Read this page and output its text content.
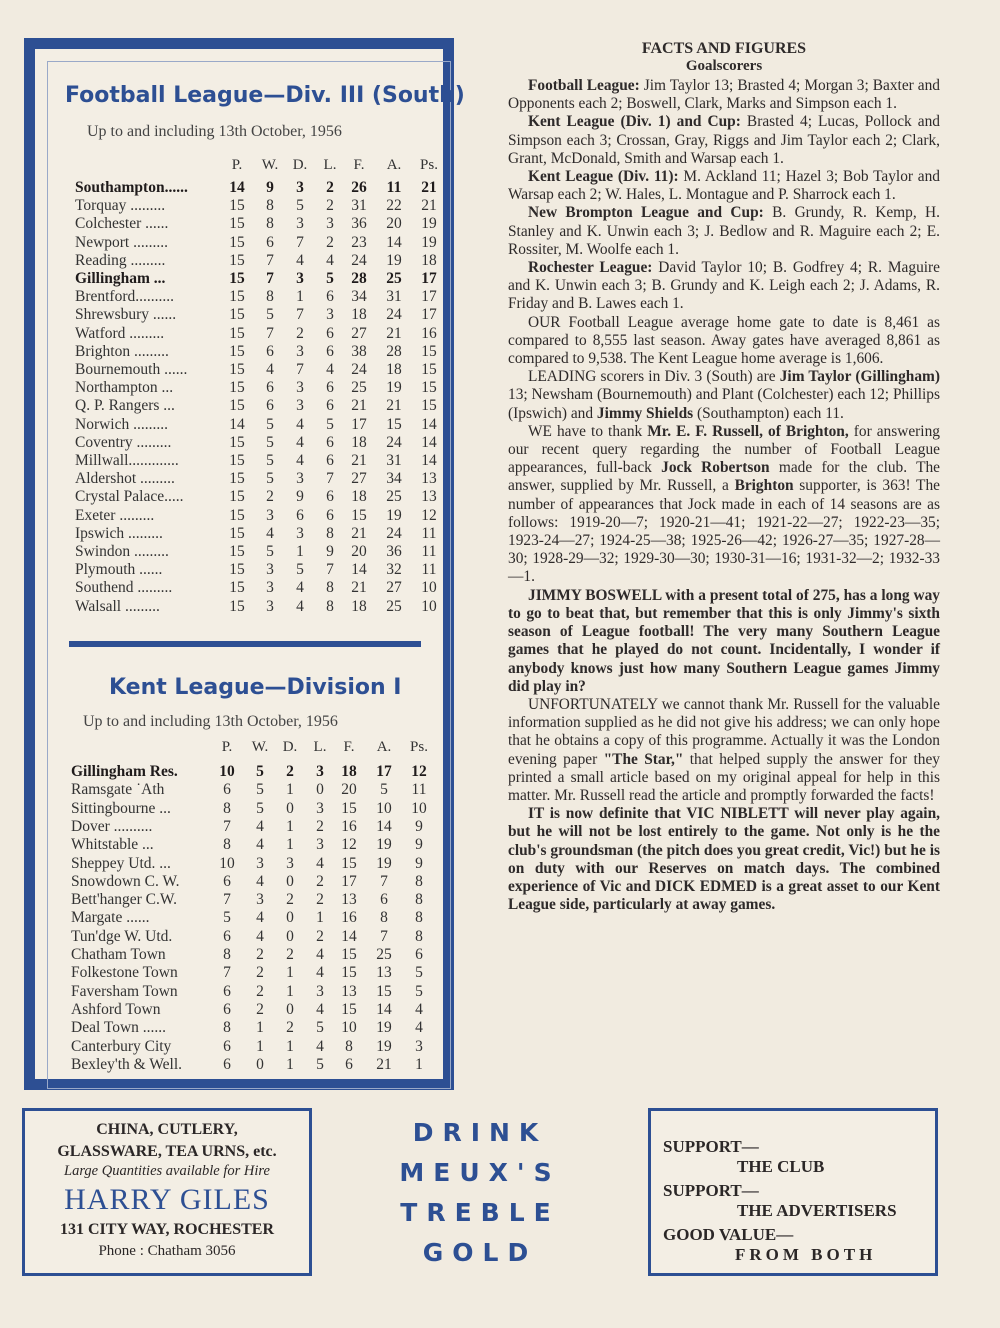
Football League—Div. III (South)
Up to and including 13th October, 1956
P.	W. D.	L.	F.	A.	Ps.
Southampton......	14	9	3	2	26	11	21
Torquay .........	15	8	5	2	31	22	21
Colchester ......	15	8	3	3	36	20	19
Newport .........	15	6	7	2	23	14	19
Reading .........	15	7	4	4	24	19	18
Gillingham ...	15	7	3	5	28	25	17
Brentford..........	15	8	1	6	34	31	17
Shrewsbury ......	15	5	7	3	18	24	17
Watford .........	15	7	2	6	27	21	16
Brighton .........	15	6	3	6	38	28	15
Bournemouth ......	15	4	7	4	24	18	15
Northampton ...	15	6	3	6	25	19	15
Q. P. Rangers ...	15	6	3	6	21	21	15
Norwich .........	14	5	4	5	17	15	14
Coventry .........	15	5	4	6	18	24	14
Millwall.............	15	5	4	6	21	31	14
Aldershot .........	15	5	3	7	27	34	13
Crystal Palace.....	15	2	9	6	18	25	13
Exeter .........	15	3	6	6	15	19	12
Ipswich .........	15	4	3	8	21	24	11
Swindon .........	15	5	1	9	20	36	11
Plymouth ......	15	3	5	7	14	32	11
Southend .........	15	3	4	8	21	27	10
Walsall .........	15	3	4	8	18	25	10
Kent League—Division I
Up to and including 13th October, 1956
P.	W. D.	L.	F.	A.	Ps.
Gillingham Res.	10	5	2	3	18	17	12
Ramsgate ˙Ath	6	5	1	0	20	5	11
Sittingbourne ...	8	5	0	3	15	10	10
Dover ..........	7	4	1	2	16	14	9
Whitstable ...	8	4	1	3	12	19	9
Sheppey Utd. ...	10	3	3	4	15	19	9
Snowdown C. W.	6	4	0	2	17	7	8
Bett'hanger C.W.	7	3	2	2	13	6	8
Margate ......	5	4	0	1	16	8	8
Tun'dge W. Utd.	6	4	0	2	14	7	8
Chatham Town	8	2	2	4	15	25	6
Folkestone Town	7	2	1	4	15	13	5
Faversham Town	6	2	1	3	13	15	5
Ashford Town	6	2	0	4	15	14	4
Deal Town ......	8	1	2	5	10	19	4
Canterbury City	6	1	1	4	8	19	3
Bexley'th & Well.	6	0	1	5	6	21	1
FACTS AND FIGURES
Goalscorers

Football League: Jim Taylor 13; Brasted 4; Morgan 3; Baxter and Opponents each 2; Boswell, Clark, Marks and Simpson each 1.

Kent League (Div. 1) and Cup: Brasted 4; Lucas, Pollock and Simpson each 3; Crossan, Gray, Riggs and Jim Taylor each 2; Clark, Grant, McDonald, Smith and Warsap each 1.

Kent League (Div. 11): M. Ackland 11; Hazel 3; Bob Taylor and Warsap each 2; W. Hales, L. Montague and P. Sharrock each 1.

New Brompton League and Cup: B. Grundy, R. Kemp, H. Stanley and K. Unwin each 3; J. Bedlow and R. Maguire each 2; E. Rossiter, M. Woolfe each 1.

Rochester League: David Taylor 10; B. Godfrey 4; R. Maguire and K. Unwin each 3; B. Grundy and K. Leigh each 2; J. Adams, R. Friday and B. Lawes each 1.

OUR Football League average home gate to date is 8,461 as compared to 8,555 last season. Away gates have averaged 8,861 as compared to 9,538. The Kent League home average is 1,606.

LEADING scorers in Div. 3 (South) are Jim Taylor (Gillingham) 13; Newsham (Bournemouth) and Plant (Colchester) each 12; Phillips (Ipswich) and Jimmy Shields (Southampton) each 11.

WE have to thank Mr. E. F. Russell, of Brighton, for answering our recent query regarding the number of Football League appearances, full-back Jock Robertson made for the club. The answer, supplied by Mr. Russell, a Brighton supporter, is 363! The number of appearances that Jock made in each of 14 seasons are as follows: 1919-20—7; 1920-21—41; 1921-22—27; 1922-23—35; 1923-24—27; 1924-25—38; 1925-26—42; 1926-27—35; 1927-28—30; 1928-29—32; 1929-30—30; 1930-31—16; 1931-32—2; 1932-33—1.

JIMMY BOSWELL with a present total of 275, has a long way to go to beat that, but remember that this is only Jimmy's sixth season of League football! The very many Southern League games that he played do not count. Incidentally, I wonder if anybody knows just how many Southern League games Jimmy did play in?

UNFORTUNATELY we cannot thank Mr. Russell for the valuable information supplied as he did not give his address; we can only hope that he obtains a copy of this programme. Actually it was the London evening paper "The Star," that helped supply the answer for they printed a small article based on my original appeal for help in this matter. Mr. Russell read the article and promptly forwarded the facts!

IT is now definite that VIC NIBLETT will never play again, but he will not be lost entirely to the game. Not only is he the club's groundsman (the pitch does you great credit, Vic!) but he is on duty with our Reserves on match days. The combined experience of Vic and DICK EDMED is a great asset to our Kent League side, particularly at away games.

CHINA, CUTLERY,
GLASSWARE, TEA URNS, etc.
Large Quantities available for Hire
HARRY GILES
131 CITY WAY, ROCHESTER
Phone : Chatham 3056
DRINK
MEUX'S
TREBLE
GOLD
SUPPORT—
THE CLUB
SUPPORT—
THE ADVERTISERS
GOOD VALUE—
FROM BOTH
